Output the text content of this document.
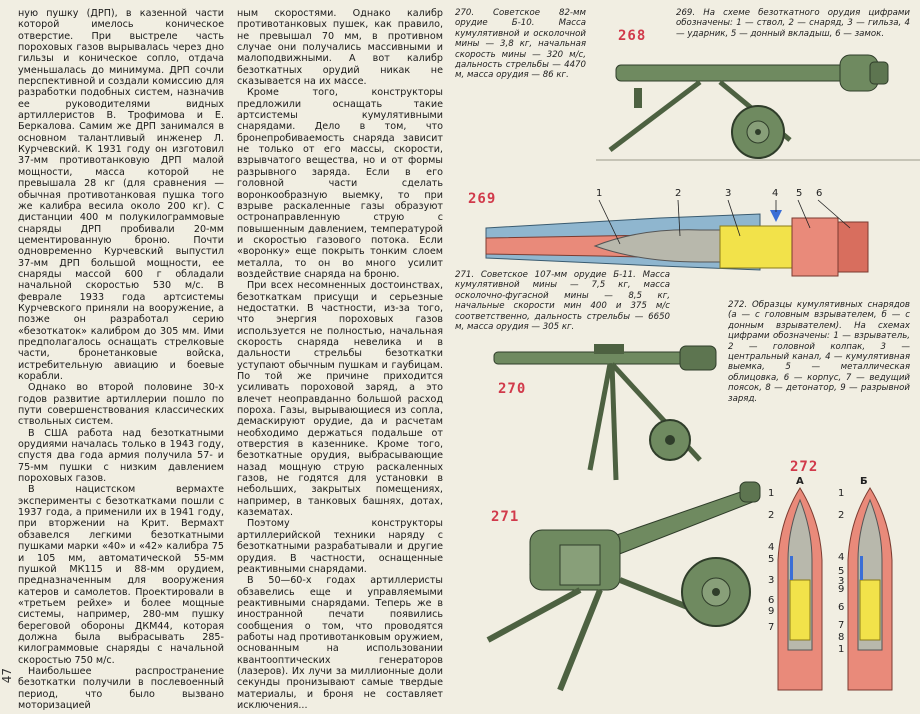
ную пушку (ДРП), в казенной части которой имелось коническое отверстие. При выстреле часть пороховых газов вырывалась через дно гильзы и коническое сопло, отдача уменьшалась до минимума. ДРП сочли перспективной и создали комиссию для разработки подобных систем, назначив ее руководителями видных артиллеристов В. Трофимова и Е. Беркалова. Самим же ДРП занимался в основном талантливый инженер Л. Курчевский. К 1931 году он изготовил 37-мм противотанковую ДРП малой мощности, масса которой не превышала 28 кг (для сравнения — обычная противотанковая пушка того же калибра весила около 200 кг). С дистанции 400 м полукилограммовые снаряды ДРП пробивали 20-мм цементированную броню. Почти одновременно Курчевский выпустил 37-мм ДРП большой мощности, ее снаряды массой 600 г обладали начальной скоростью 530 м/с. В феврале 1933 года артсистемы Курчевского приняли на вооружение, а позже он разработал серию «безоткаток» калибром до 305 мм. Ими предполагалось оснащать стрелковые части, бронетанковые войска, истребительную авиацию и боевые корабли.

Однако во второй половине 30-х годов развитие артиллерии пошло по пути совершенствования классических ствольных систем.

В США работа над безоткатными орудиями началась только в 1943 году, спустя два года армия получила 57- и 75-мм пушки с низким давлением пороховых газов.

В нацистском вермахте эксперименты с безоткатками пошли с 1937 года, а применили их в 1941 году, при вторжении на Крит. Вермахт обзавелся легкими безоткатными пушками марки «40» и «42» калибра 75 и 105 мм, автоматической 55-мм пушкой МК115 и 88-мм орудием, предназначенным для вооружения катеров и самолетов. Проектировали в «третьем рейхе» и более мощные системы, например, 280-мм пушку береговой обороны ДКМ44, которая должна была выбрасывать 285-килограммовые снаряды с начальной скоростью 750 м/с.

Наибольшее распространение безоткатки получили в послевоенный период, что было вызвано моторизацией

ным скоростями. Однако калибр противотанковых пушек, как правило, не превышал 70 мм, в противном случае они получались массивными и малоподвижными. А вот калибр безоткатных орудий никак не сказывается на их массе.

Кроме того, конструкторы предложили оснащать такие артсистемы кумулятивными снарядами. Дело в том, что бронепробиваемость снаряда зависит не только от его массы, скорости, взрывчатого вещества, но и от формы разрывного заряда. Если в его головной части сделать воронкообразную выемку, то при взрыве раскаленные газы образуют остронаправленную струю с повышенным давлением, температурой и скоростью газового потока. Если «воронку» еще покрыть тонким слоем металла, то он во много усилит воздействие снаряда на броню.

При всех несомненных достоинствах, безоткаткам присущи и серьезные недостатки. В частности, из-за того, что энергия пороховых газов используется не полностью, начальная скорость снаряда невелика и в дальности стрельбы безоткатки уступают обычным пушкам и гаубицам. По той же причине приходится усиливать пороховой заряд, а это влечет неоправданно большой расход пороха. Газы, вырывающиеся из сопла, демаскируют орудие, да и расчетам необходимо держаться подальше от отверстия в казеннике. Кроме того, безоткатные орудия, выбрасывающие назад мощную струю раскаленных газов, не годятся для установки в небольших, закрытых помещениях, например, в танковых башнях, дотах, казематах.

Поэтому конструкторы артиллерийской техники наряду с безоткатными разрабатывали и другие орудия. В частности, оснащенные реактивными снарядами.

В 50—60-х годах артиллеристы обзавелись еще и управляемыми реактивными снарядами. Теперь же в иностранной печати появились сообщения о том, что проводятся работы над противотанковым оружием, основанным на использовании квантооптических генераторов (лазеров). Их лучи за миллионные доли секунды пронизывают самые твердые материалы, и броня не составляет исключения...

47
270. Советское 82-мм орудие Б-10. Масса кумулятивной и осколочной мины — 3,8 кг, начальная скорость мины — 320 м/с, дальность стрельбы — 4470 м, масса орудия — 86 кг.
269. На схеме безоткатного орудия цифрами обозначены: 1 — ствол, 2 — снаряд, 3 — гильза, 4 — ударник, 5 — донный вкладыш, 6 — замок.
271. Советское 107-мм орудие Б-11. Масса кумулятивной мины — 7,5 кг, масса осколочно-фугасной мины — 8,5 кг, начальные скорости мин 400 и 375 м/с соответственно, дальность стрельбы — 6650 м, масса орудия — 305 кг.
272. Образцы кумулятивных снарядов (а — с головным взрывателем, б — с донным взрывателем). На схемах цифрами обозначены: 1 — взрыватель, 2 — головной колпак, 3 — центральный канал, 4 — кумулятивная выемка, 5 — металлическая облицовка, 6 — корпус, 7 — ведущий поясок, 8 — детонатор, 9 — разрывной заряд.
268
269
270
271
272
1	2	3	4 5 6
А	Б
1
2
4
5
3
6
9
7
1
2
4
5
3
9
6
7
8
1
